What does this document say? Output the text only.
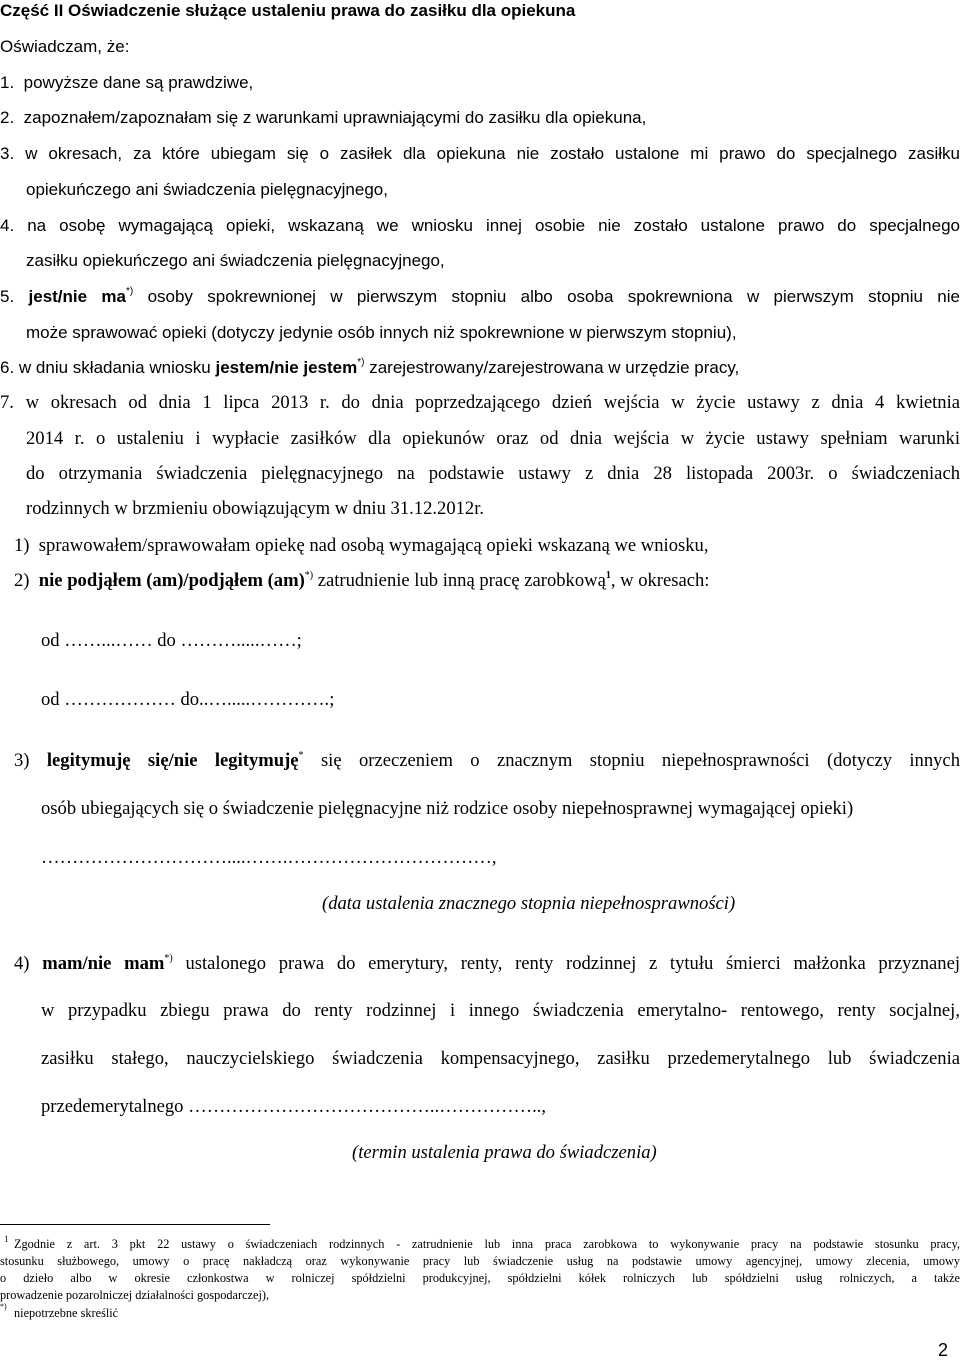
Część II Oświadczenie służące ustaleniu prawa do zasiłku dla opiekuna
Oświadczam, że:
1. powyższe dane są prawdziwe,
2. zapoznałem/zapoznałam się z warunkami uprawniającymi do zasiłku dla opiekuna,
3. w okresach, za które ubiegam się o zasiłek dla opiekuna nie zostało ustalone mi prawo do specjalnego zasiłku
opiekuńczego ani świadczenia pielęgnacyjnego,
4. na osobę wymagającą opieki, wskazaną we wniosku innej osobie nie zostało ustalone prawo do specjalnego
zasiłku opiekuńczego ani świadczenia pielęgnacyjnego,
5. jest/nie ma*) osoby spokrewnionej w pierwszym stopniu albo osoba spokrewniona w pierwszym stopniu nie
może sprawować opieki (dotyczy jedynie osób innych niż spokrewnione w pierwszym stopniu),
6. w dniu składania wniosku jestem/nie jestem*) zarejestrowany/zarejestrowana w urzędzie pracy,
7. w okresach od dnia 1 lipca 2013 r. do dnia poprzedzającego dzień wejścia w życie ustawy z dnia 4 kwietnia
2014 r. o ustaleniu i wypłacie zasiłków dla opiekunów oraz od dnia wejścia w życie ustawy spełniam warunki
do otrzymania świadczenia pielęgnacyjnego na podstawie ustawy z dnia 28 listopada 2003r. o świadczeniach
rodzinnych w brzmieniu obowiązującym w dniu 31.12.2012r.
1) sprawowałem/sprawowałam opiekę nad osobą wymagającą opieki wskazaną we wniosku,
2) nie podjąłem (am)/podjąłem (am)*) zatrudnienie lub inną pracę zarobkową$^1$, w okresach:
od ……...…… do ……….....……;
od ……………… do..….....………….;
3) legitymuję się/nie legitymuję* się orzeczeniem o znacznym stopniu niepełnosprawności (dotyczy innych
osób ubiegających się o świadczenie pielęgnacyjne niż rodzice osoby niepełnosprawnej wymagającej opieki)
…………………………....…….……………………………,
(data ustalenia znacznego stopnia niepełnosprawności)
4) mam/nie mam*) ustalonego prawa do emerytury, renty, renty rodzinnej z tytułu śmierci małżonka przyznanej
w przypadku zbiegu prawa do renty rodzinnej i innego świadczenia emerytalno- rentowego, renty socjalnej,
zasiłku stałego, nauczycielskiego świadczenia kompensacyjnego, zasiłku przedemerytalnego lub świadczenia
przedemerytalnego …………………………………..……………..,
(termin ustalenia prawa do świadczenia)
1 Zgodnie z art. 3 pkt 22 ustawy o świadczeniach rodzinnych - zatrudnienie lub inna praca zarobkowa to wykonywanie pracy na podstawie stosunku pracy,
stosunku służbowego, umowy o pracę nakładczą oraz wykonywanie pracy lub świadczenie usług na podstawie umowy agencyjnej, umowy zlecenia, umowy
o dzieło albo w okresie członkostwa w rolniczej spółdzielni produkcyjnej, spółdzielni kółek rolniczych lub spółdzielni usług rolniczych, a także
prowadzenie pozarolniczej działalności gospodarczej),
*) niepotrzebne skreślić
2
